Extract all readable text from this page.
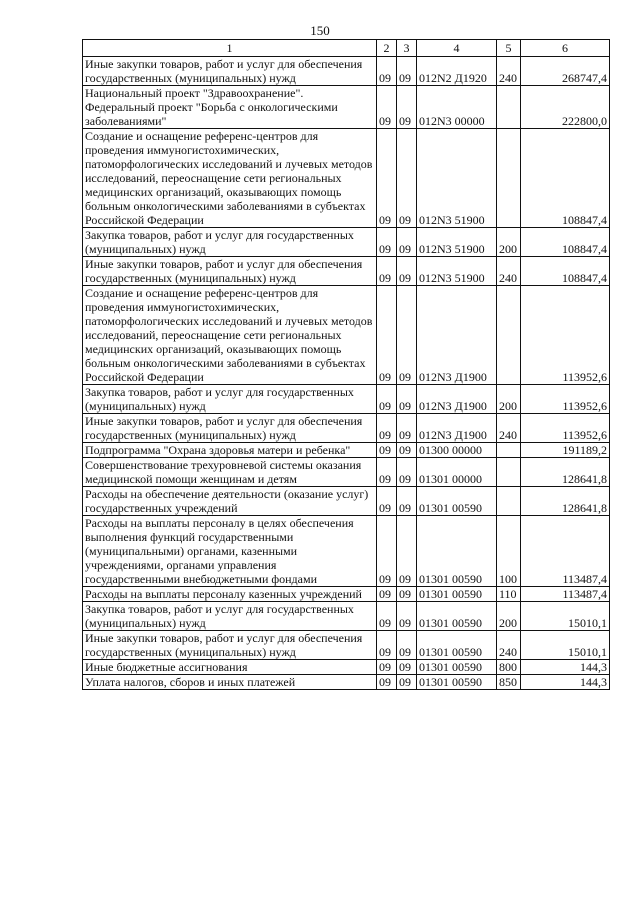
150
1	2	3	4	5	6
Иные закупки товаров, работ и услуг для обеспечения государственных (муниципальных) нужд	09	09	012N2 Д1920	240	268747,4
Национальный проект "Здравоохранение". Федеральный проект "Борьба с онкологическими заболеваниями"	09	09	012N3 00000		222800,0
Создание и оснащение референс-центров для проведения иммуногистохимических, патоморфологических исследований и лучевых методов исследований, переоснащение сети региональных медицинских организаций, оказывающих помощь больным онкологическими заболеваниями в субъектах Российской Федерации	09	09	012N3 51900		108847,4
Закупка товаров, работ и услуг для государственных (муниципальных) нужд	09	09	012N3 51900	200	108847,4
Иные закупки товаров, работ и услуг для обеспечения государственных (муниципальных) нужд	09	09	012N3 51900	240	108847,4
Создание и оснащение референс-центров для проведения иммуногистохимических, патоморфологических исследований и лучевых методов исследований, переоснащение сети региональных медицинских организаций, оказывающих помощь больным онкологическими заболеваниями в субъектах Российской Федерации	09	09	012N3 Д1900		113952,6
Закупка товаров, работ и услуг для государственных (муниципальных) нужд	09	09	012N3 Д1900	200	113952,6
Иные закупки товаров, работ и услуг для обеспечения государственных (муниципальных) нужд	09	09	012N3 Д1900	240	113952,6
Подпрограмма "Охрана здоровья матери и ребенка"	09	09	01300 00000		191189,2
Совершенствование трехуровневой системы оказания медицинской помощи женщинам и детям	09	09	01301 00000		128641,8
Расходы на обеспечение деятельности (оказание услуг) государственных учреждений	09	09	01301 00590		128641,8
Расходы на выплаты персоналу в целях обеспечения выполнения функций государственными (муниципальными) органами, казенными учреждениями, органами управления государственными внебюджетными фондами	09	09	01301 00590	100	113487,4
Расходы на выплаты персоналу казенных учреждений	09	09	01301 00590	110	113487,4
Закупка товаров, работ и услуг для государственных (муниципальных) нужд	09	09	01301 00590	200	15010,1
Иные закупки товаров, работ и услуг для обеспечения государственных (муниципальных) нужд	09	09	01301 00590	240	15010,1
Иные бюджетные ассигнования	09	09	01301 00590	800	144,3
Уплата налогов, сборов и иных платежей	09	09	01301 00590	850	144,3
